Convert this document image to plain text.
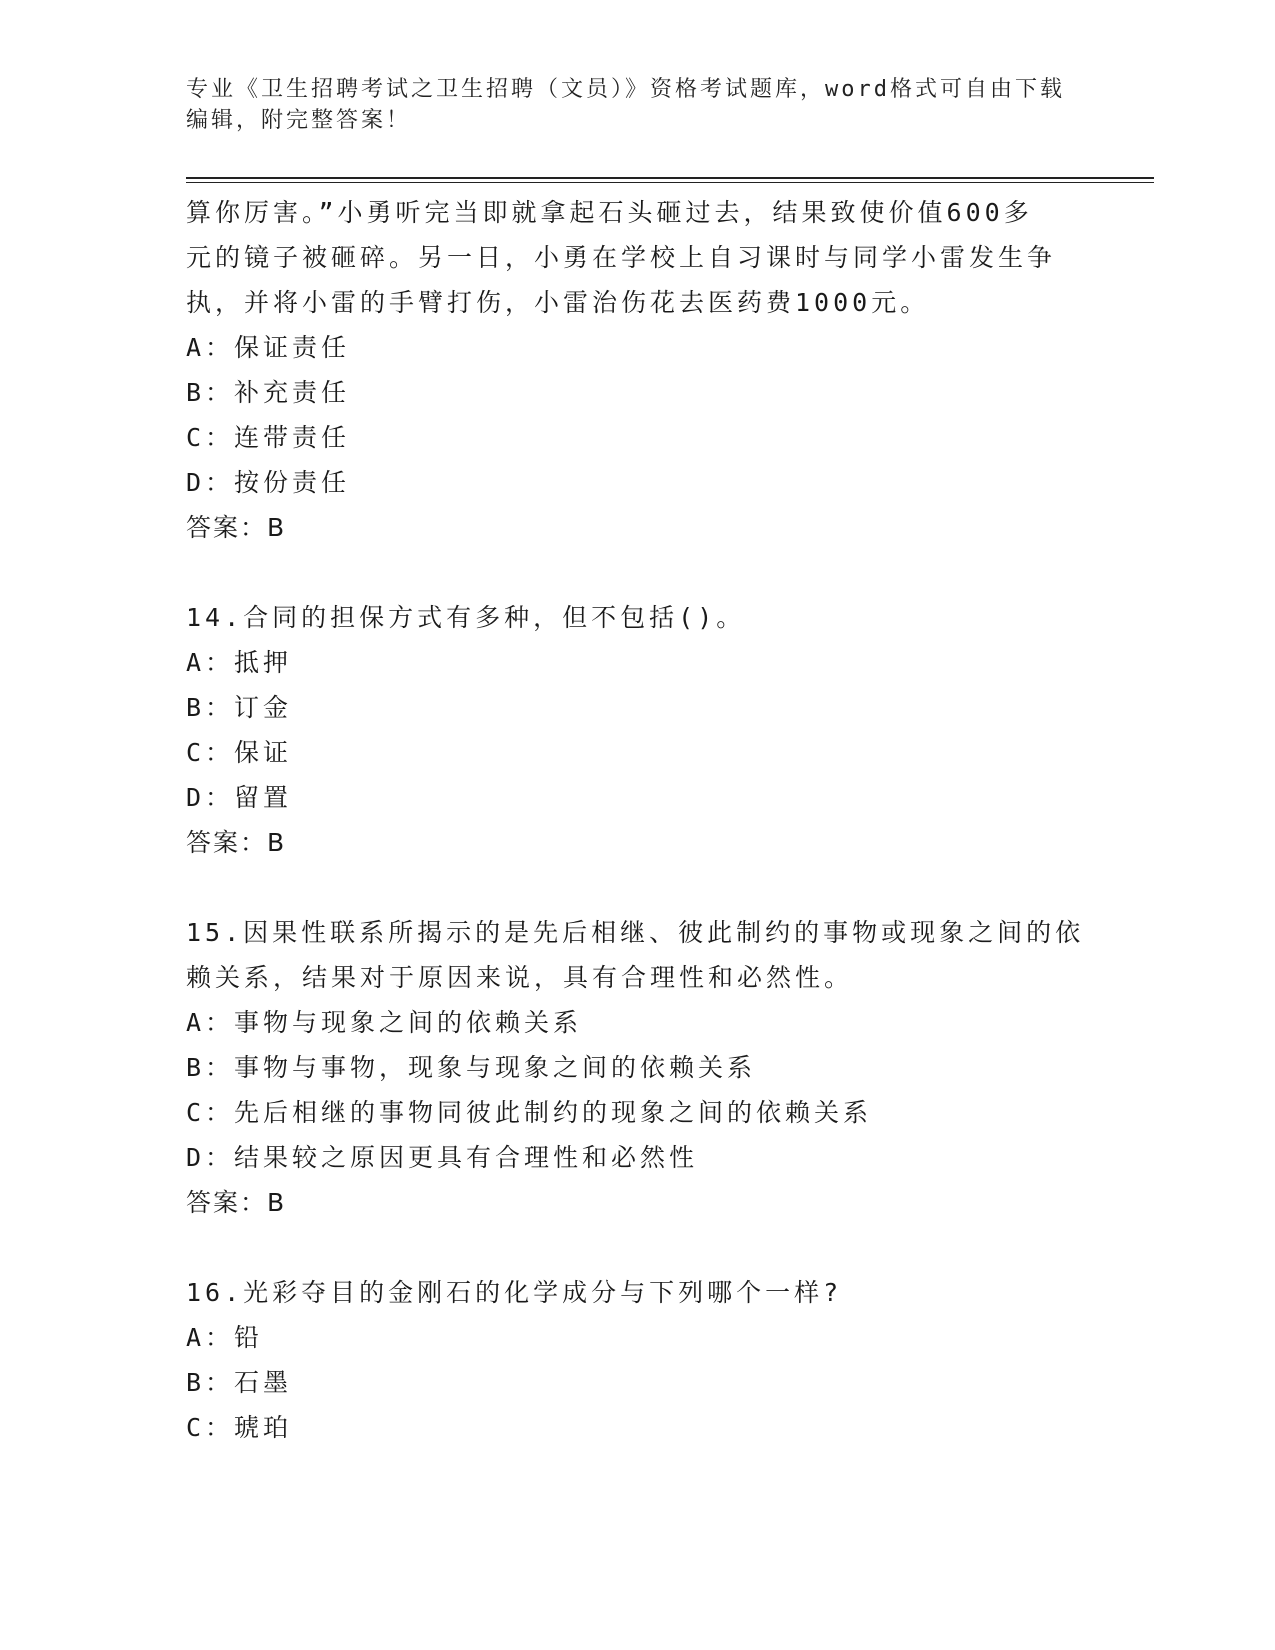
专业《卫生招聘考试之卫生招聘（文员）》资格考试题库，word格式可自由下载编辑，附完整答案！

算你厉害。”小勇听完当即就拿起石头砸过去，结果致使价值600多

元的镜子被砸碎。另一日，小勇在学校上自习课时与同学小雷发生争

执，并将小雷的手臂打伤，小雷治伤花去医药费1000元。

A：保证责任

B：补充责任

C：连带责任

D：按份责任

答案：B

14.合同的担保方式有多种，但不包括()。

A：抵押

B：订金

C：保证

D：留置

答案：B

15.因果性联系所揭示的是先后相继、彼此制约的事物或现象之间的依

赖关系，结果对于原因来说，具有合理性和必然性。

A：事物与现象之间的依赖关系

B：事物与事物，现象与现象之间的依赖关系

C：先后相继的事物同彼此制约的现象之间的依赖关系

D：结果较之原因更具有合理性和必然性

答案：B

16.光彩夺目的金刚石的化学成分与下列哪个一样?

A：铅

B：石墨

C：琥珀
